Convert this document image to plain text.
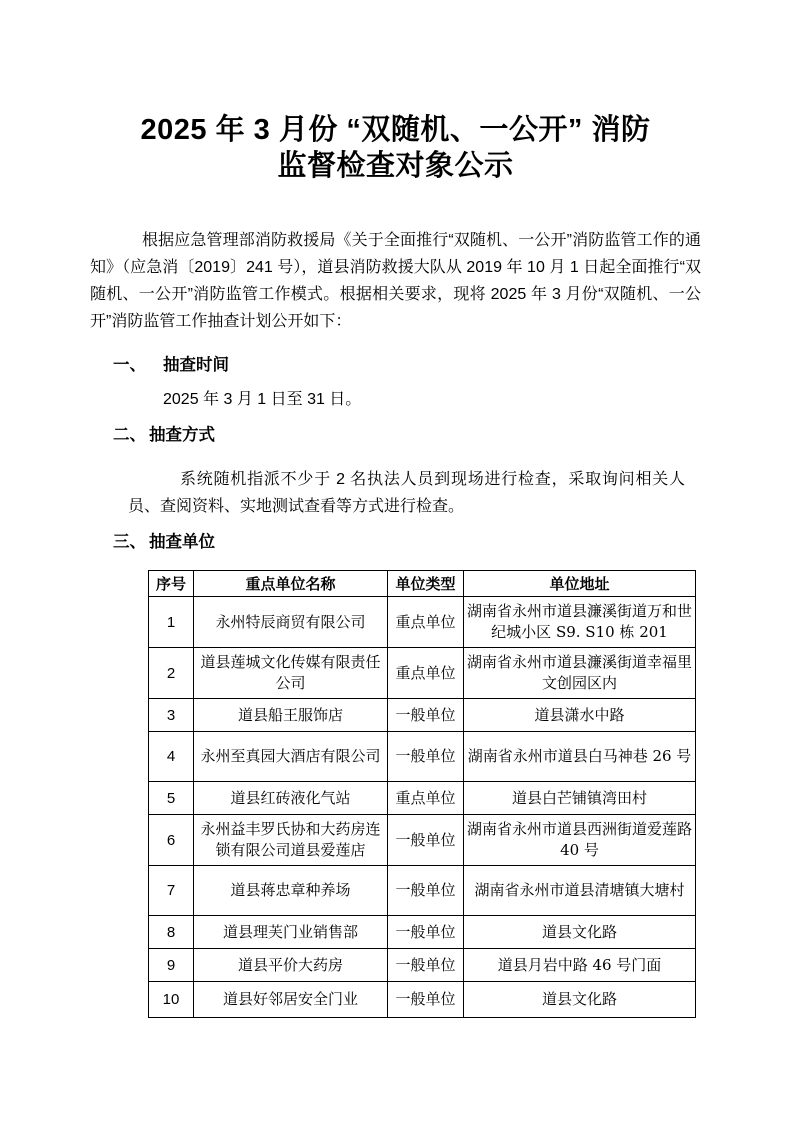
2025 年 3 月份 “双随机、一公开” 消防
监督检查对象公示

根据应急管理部消防救援局《关于全面推行“双随机、一公开”消防监管工作的通知》（应急消〔2019〕241 号），道县消防救援大队从 2019 年 10 月 1 日起全面推行“双随机、一公开”消防监管工作模式。根据相关要求，现将 2025 年 3 月份“双随机、一公开”消防监管工作抽查计划公开如下：

一、 抽查时间

2025 年 3 月 1 日至 31 日。

二、 抽查方式

系统随机指派不少于 2 名执法人员到现场进行检查，采取询问相关人员、查阅资料、实地测试查看等方式进行检查。

三、 抽查单位
序号	重点单位名称	单位类型	单位地址
1	永州特辰商贸有限公司	重点单位	湖南省永州市道县濂溪街道万和世纪城小区 S9. S10 栋 201
2	道县莲城文化传媒有限责任公司	重点单位	湖南省永州市道县濂溪街道幸福里文创园区内
3	道县船王服饰店	一般单位	道县潇水中路
4	永州至真园大酒店有限公司	一般单位	湖南省永州市道县白马神巷 26 号
5	道县红砖液化气站	重点单位	道县白芒铺镇湾田村
6	永州益丰罗氏协和大药房连锁有限公司道县爱莲店	一般单位	湖南省永州市道县西洲街道爱莲路 40 号
7	道县蒋忠章种养场	一般单位	湖南省永州市道县清塘镇大塘村
8	道县理芙门业销售部	一般单位	道县文化路
9	道县平价大药房	一般单位	道县月岩中路 46 号门面
10	道县好邻居安全门业	一般单位	道县文化路
